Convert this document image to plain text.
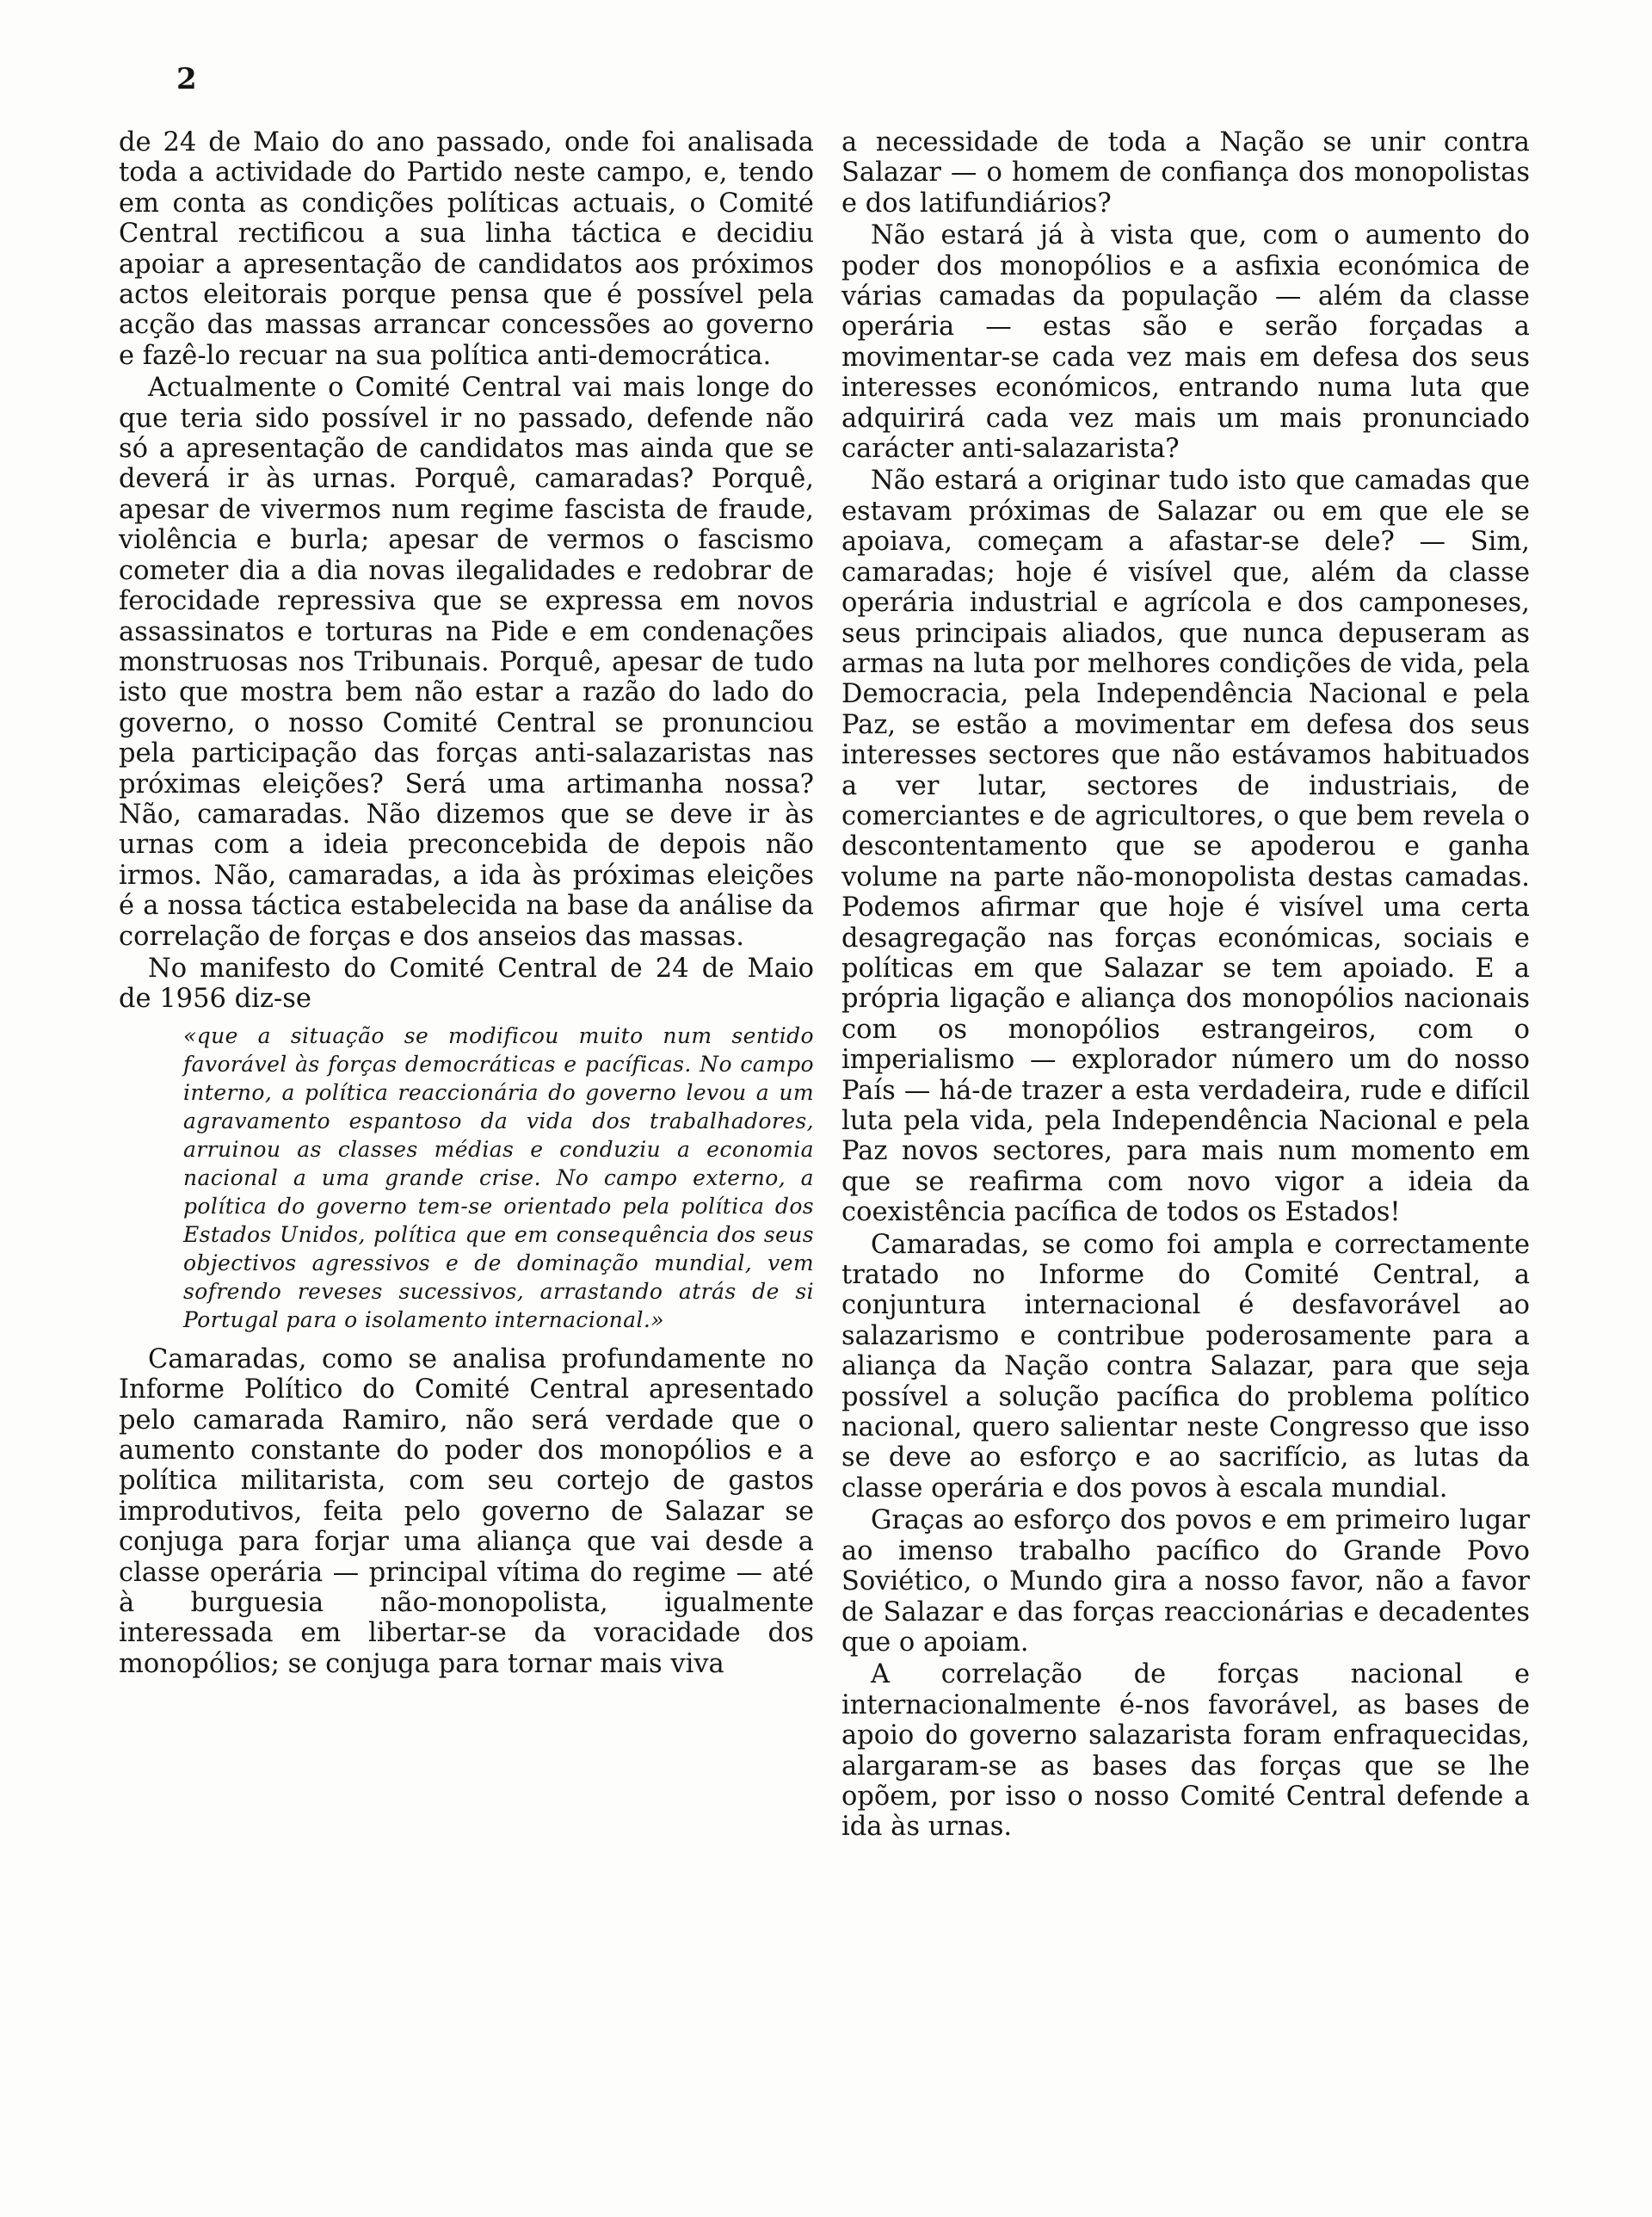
2

de 24 de Maio do ano passado, onde foi analisada toda a actividade do Partido neste campo, e, tendo em conta as condições políticas actuais, o Comité Central rectificou a sua linha táctica e decidiu apoiar a apresentação de candidatos aos próximos actos eleitorais porque pensa que é possível pela acção das massas arrancar concessões ao governo e fazê-lo recuar na sua política anti-democrática.

Actualmente o Comité Central vai mais longe do que teria sido possível ir no passado, defende não só a apresentação de candidatos mas ainda que se deverá ir às urnas. Porquê, camaradas? Porquê, apesar de vivermos num regime fascista de fraude, violência e burla; apesar de vermos o fascismo cometer dia a dia novas ilegalidades e redobrar de ferocidade repressiva que se expressa em novos assassinatos e torturas na Pide e em condenações monstruosas nos Tribunais. Porquê, apesar de tudo isto que mostra bem não estar a razão do lado do governo, o nosso Comité Central se pronunciou pela participação das forças anti-salazaristas nas próximas eleições? Será uma artimanha nossa? Não, camaradas. Não dizemos que se deve ir às urnas com a ideia preconcebida de depois não irmos. Não, camaradas, a ida às próximas eleições é a nossa táctica estabelecida na base da análise da correlação de forças e dos anseios das massas.

No manifesto do Comité Central de 24 de Maio de 1956 diz-se

«que a situação se modificou muito num sentido favorável às forças democráticas e pacíficas. No campo interno, a política reaccionária do governo levou a um agravamento espantoso da vida dos trabalhadores, arruinou as classes médias e conduziu a economia nacional a uma grande crise. No campo externo, a política do governo tem-se orientado pela política dos Estados Unidos, política que em consequência dos seus objectivos agressivos e de dominação mundial, vem sofrendo reveses sucessivos, arrastando atrás de si Portugal para o isolamento internacional.»

Camaradas, como se analisa profundamente no Informe Político do Comité Central apresentado pelo camarada Ramiro, não será verdade que o aumento constante do poder dos monopólios e a política militarista, com seu cortejo de gastos improdutivos, feita pelo governo de Salazar se conjuga para forjar uma aliança que vai desde a classe operária — principal vítima do regime — até à burguesia não-monopolista, igualmente interessada em libertar-se da voracidade dos monopólios; se conjuga para tornar mais viva

a necessidade de toda a Nação se unir contra Salazar — o homem de confiança dos monopolistas e dos latifundiários?

Não estará já à vista que, com o aumento do poder dos monopólios e a asfixia económica de várias camadas da população — além da classe operária — estas são e serão forçadas a movimentar-se cada vez mais em defesa dos seus interesses económicos, entrando numa luta que adquirirá cada vez mais um mais pronunciado carácter anti-salazarista?

Não estará a originar tudo isto que camadas que estavam próximas de Salazar ou em que ele se apoiava, começam a afastar-se dele? — Sim, camaradas; hoje é visível que, além da classe operária industrial e agrícola e dos camponeses, seus principais aliados, que nunca depuseram as armas na luta por melhores condições de vida, pela Democracia, pela Independência Nacional e pela Paz, se estão a movimentar em defesa dos seus interesses sectores que não estávamos habituados a ver lutar, sectores de industriais, de comerciantes e de agricultores, o que bem revela o descontentamento que se apoderou e ganha volume na parte não-monopolista destas camadas. Podemos afirmar que hoje é visível uma certa desagregação nas forças económicas, sociais e políticas em que Salazar se tem apoiado. E a própria ligação e aliança dos monopólios nacionais com os monopólios estrangeiros, com o imperialismo — explorador número um do nosso País — há-de trazer a esta verdadeira, rude e difícil luta pela vida, pela Independência Nacional e pela Paz novos sectores, para mais num momento em que se reafirma com novo vigor a ideia da coexistência pacífica de todos os Estados!

Camaradas, se como foi ampla e correctamente tratado no Informe do Comité Central, a conjuntura internacional é desfavorável ao salazarismo e contribue poderosamente para a aliança da Nação contra Salazar, para que seja possível a solução pacífica do problema político nacional, quero salientar neste Congresso que isso se deve ao esforço e ao sacrifício, as lutas da classe operária e dos povos à escala mundial.

Graças ao esforço dos povos e em primeiro lugar ao imenso trabalho pacífico do Grande Povo Soviético, o Mundo gira a nosso favor, não a favor de Salazar e das forças reaccionárias e decadentes que o apoiam.

A correlação de forças nacional e internacionalmente é-nos favorável, as bases de apoio do governo salazarista foram enfraquecidas, alargaram-se as bases das forças que se lhe opõem, por isso o nosso Comité Central defende a ida às urnas.
